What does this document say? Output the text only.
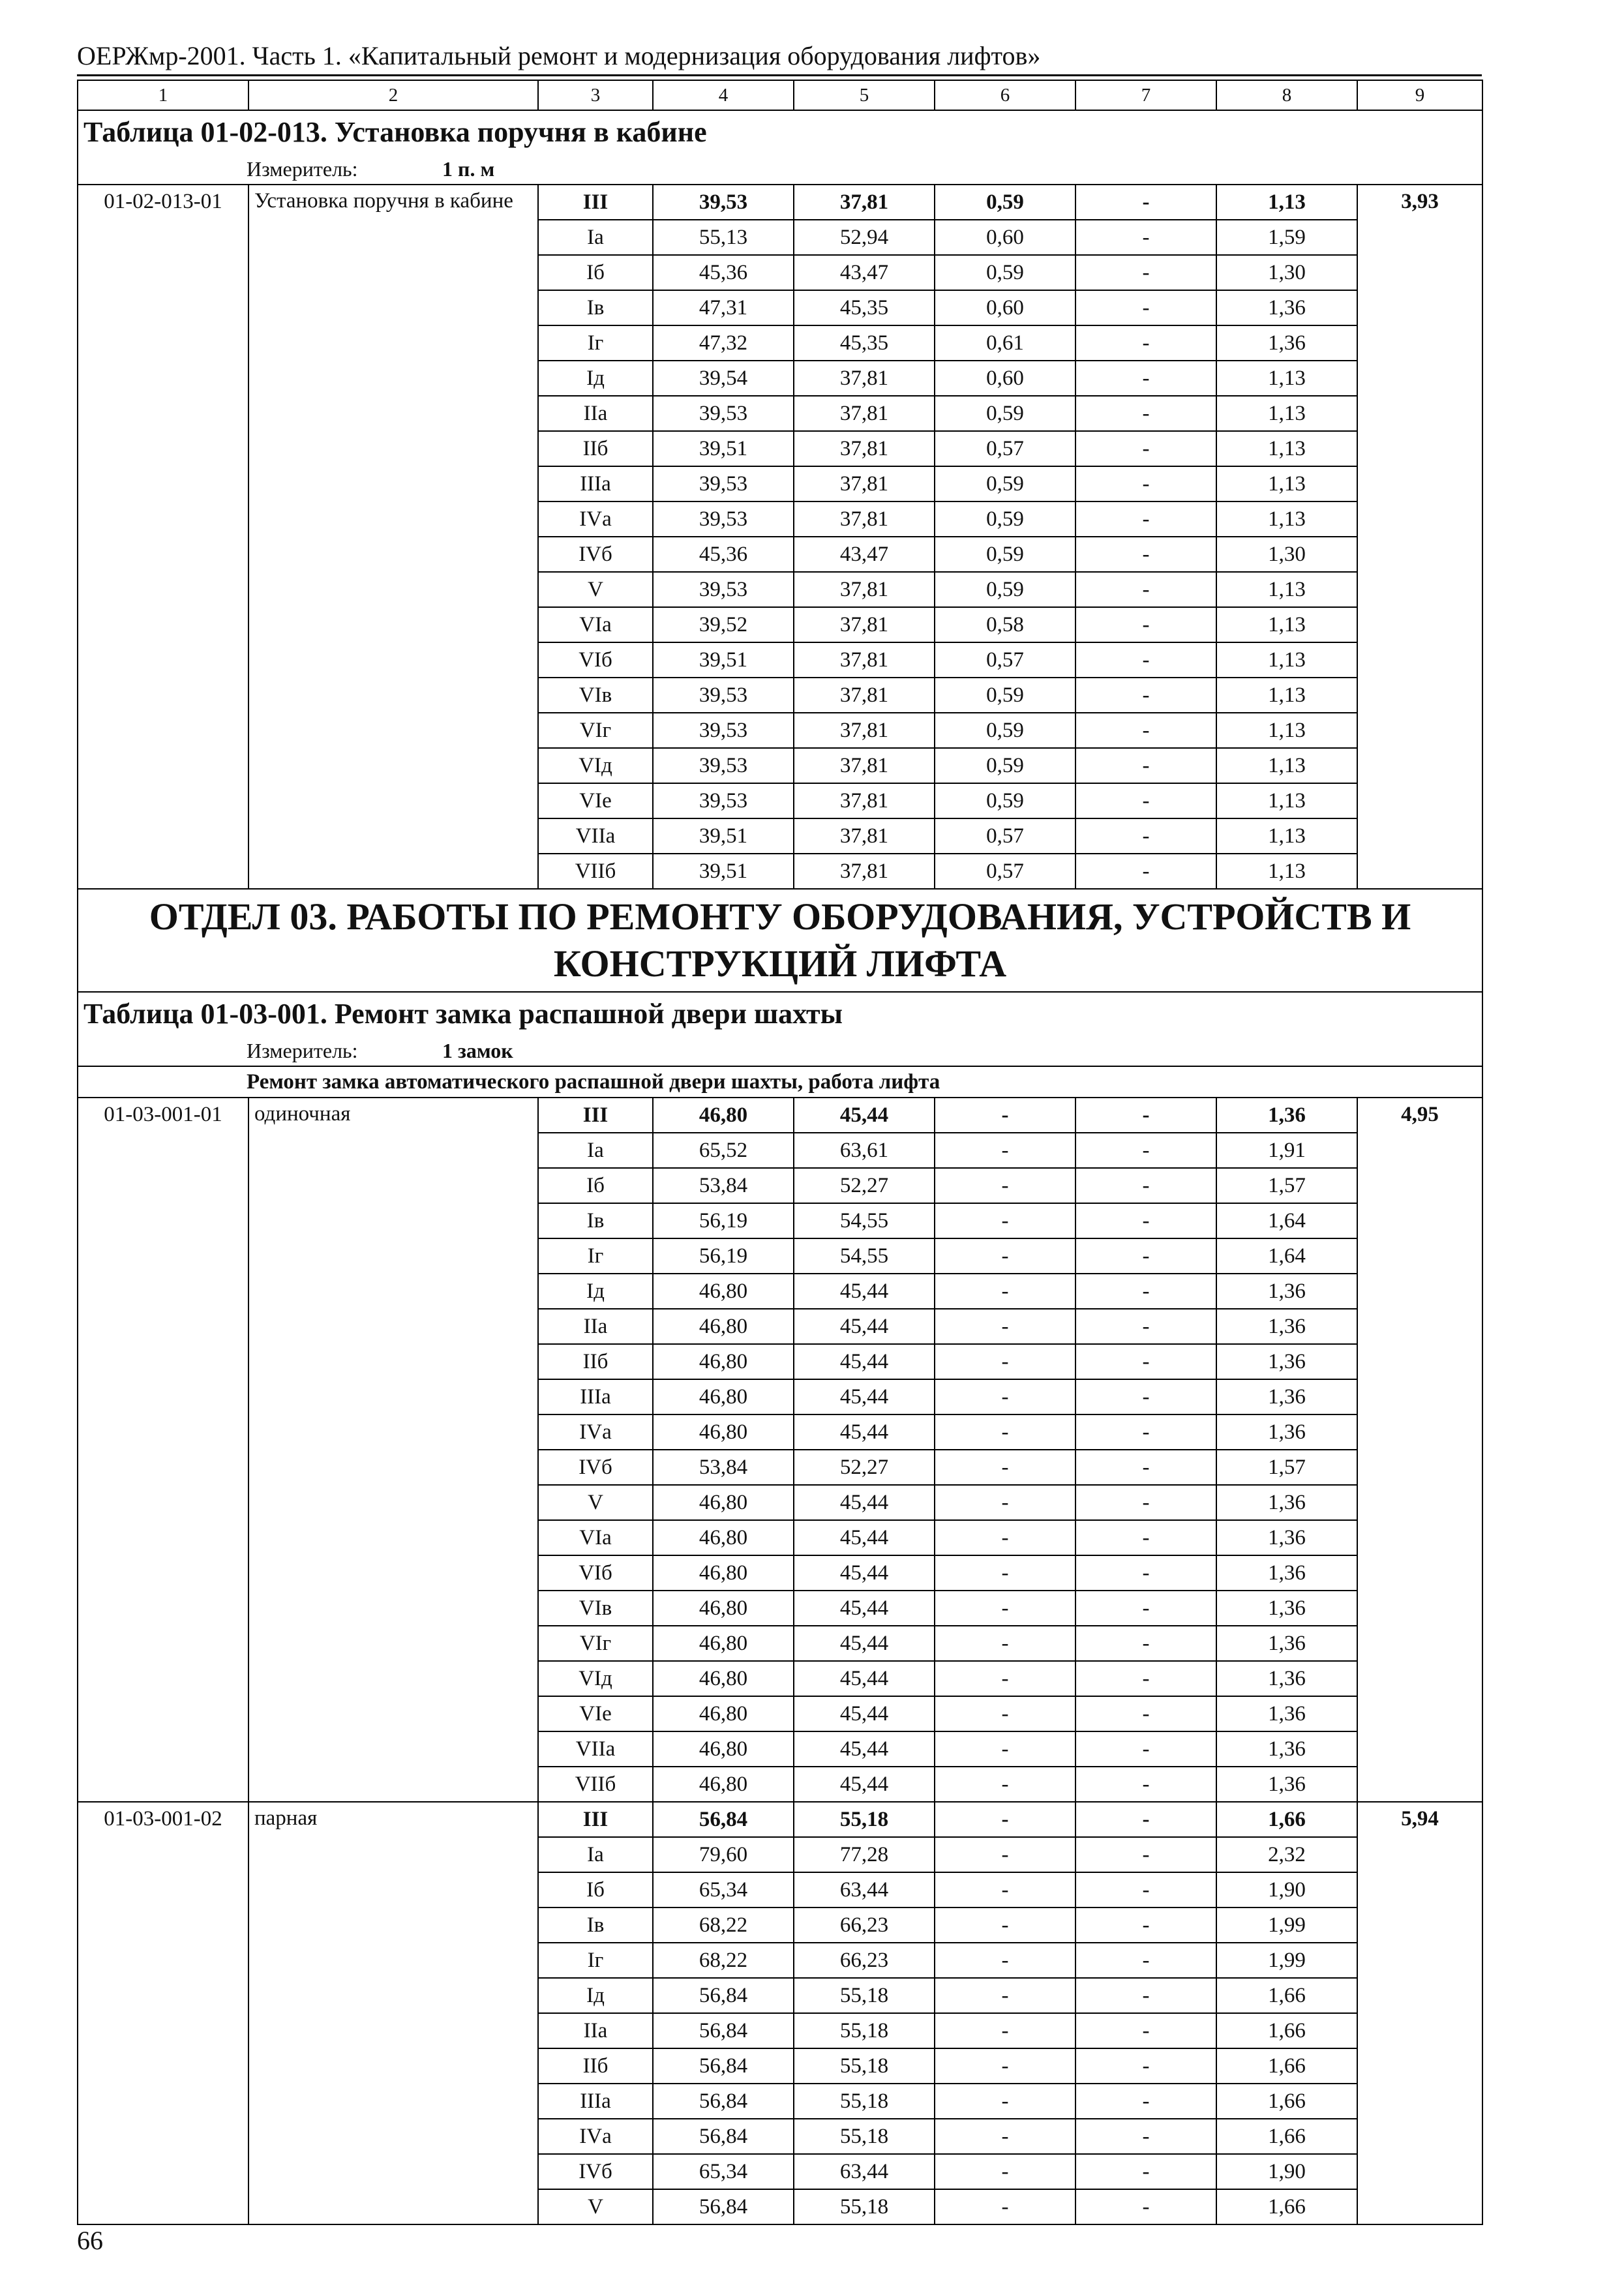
ОЕРЖмр-2001. Часть 1. «Капитальный ремонт и модернизация оборудования лифтов»
1	2	3	4	5	6	7	8	9
Таблица 01-02-013. Установка поручня в кабине								
Измеритель: 1 п. м								
01-02-013-01	Установка поручня в кабине	III	39,53	37,81	0,59	-	1,13	3,93
		Iа	55,13	52,94	0,60	-	1,59	
		Iб	45,36	43,47	0,59	-	1,30	
		Iв	47,31	45,35	0,60	-	1,36	
		Iг	47,32	45,35	0,61	-	1,36	
		Iд	39,54	37,81	0,60	-	1,13	
		IIа	39,53	37,81	0,59	-	1,13	
		IIб	39,51	37,81	0,57	-	1,13	
		IIIа	39,53	37,81	0,59	-	1,13	
		IVа	39,53	37,81	0,59	-	1,13	
		IVб	45,36	43,47	0,59	-	1,30	
		V	39,53	37,81	0,59	-	1,13	
		VIа	39,52	37,81	0,58	-	1,13	
		VIб	39,51	37,81	0,57	-	1,13	
		VIв	39,53	37,81	0,59	-	1,13	
		VIг	39,53	37,81	0,59	-	1,13	
		VIд	39,53	37,81	0,59	-	1,13	
		VIе	39,53	37,81	0,59	-	1,13	
		VIIа	39,51	37,81	0,57	-	1,13	
		VIIб	39,51	37,81	0,57	-	1,13	
ОТДЕЛ 03. РАБОТЫ ПО РЕМОНТУ ОБОРУДОВАНИЯ, УСТРОЙСТВ И КОНСТРУКЦИЙ ЛИФТА								
Таблица 01-03-001. Ремонт замка распашной двери шахты								
Измеритель: 1 замок								
Ремонт замка автоматического распашной двери шахты, работа лифта								
01-03-001-01	одиночная	III	46,80	45,44	-	-	1,36	4,95
		Iа	65,52	63,61	-	-	1,91	
		Iб	53,84	52,27	-	-	1,57	
		Iв	56,19	54,55	-	-	1,64	
		Iг	56,19	54,55	-	-	1,64	
		Iд	46,80	45,44	-	-	1,36	
		IIа	46,80	45,44	-	-	1,36	
		IIб	46,80	45,44	-	-	1,36	
		IIIа	46,80	45,44	-	-	1,36	
		IVа	46,80	45,44	-	-	1,36	
		IVб	53,84	52,27	-	-	1,57	
		V	46,80	45,44	-	-	1,36	
		VIа	46,80	45,44	-	-	1,36	
		VIб	46,80	45,44	-	-	1,36	
		VIв	46,80	45,44	-	-	1,36	
		VIг	46,80	45,44	-	-	1,36	
		VIд	46,80	45,44	-	-	1,36	
		VIе	46,80	45,44	-	-	1,36	
		VIIа	46,80	45,44	-	-	1,36	
		VIIб	46,80	45,44	-	-	1,36	
01-03-001-02	парная	III	56,84	55,18	-	-	1,66	5,94
		Iа	79,60	77,28	-	-	2,32	
		Iб	65,34	63,44	-	-	1,90	
		Iв	68,22	66,23	-	-	1,99	
		Iг	68,22	66,23	-	-	1,99	
		Iд	56,84	55,18	-	-	1,66	
		IIа	56,84	55,18	-	-	1,66	
		IIб	56,84	55,18	-	-	1,66	
		IIIа	56,84	55,18	-	-	1,66	
		IVа	56,84	55,18	-	-	1,66	
		IVб	65,34	63,44	-	-	1,90	
		V	56,84	55,18	-	-	1,66	
66
